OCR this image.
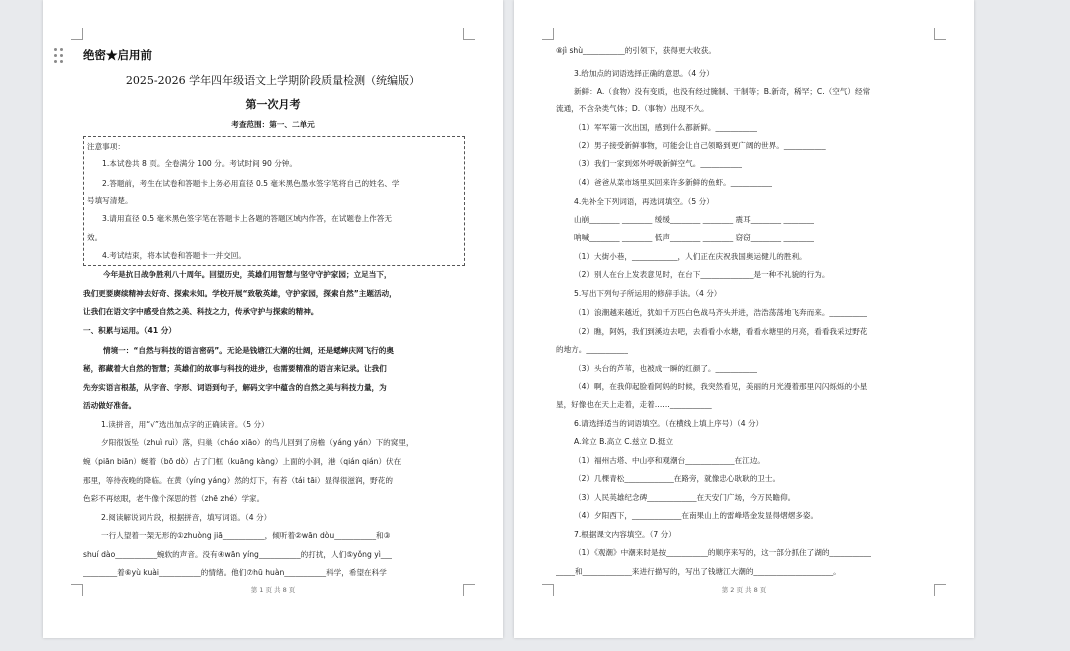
绝密★启用前
2025-2026 学年四年级语文上学期阶段质量检测（统编版）
第一次月考
考查范围：第一、二单元
注意事项：
1.本试卷共 8 页。全卷满分 100 分。考试时间 90 分钟。
2.答题前，考生在试卷和答题卡上务必用直径 0.5 毫米黑色墨水签字笔将自己的姓名、学
号填写清楚。
3.请用直径 0.5 毫米黑色签字笔在答题卡上各题的答题区域内作答，在试题卷上作答无
效。
4.考试结束，将本试卷和答题卡一并交回。
今年是抗日战争胜利八十周年。回望历史，英雄们用智慧与坚守守护家园；立足当下，
我们更要赓续精神去好奇、探索未知。学校开展“致敬英雄，守护家园，探索自然”主题活动，
让我们在语文字中感受自然之美、科技之力，传承守护与探索的精神。
一、积累与运用。（41 分）
情境一：“自然与科技的语言密码”。无论是钱塘江大潮的壮阔，还是蟋蟀庆网飞行的奥
秘，都藏着大自然的智慧；英雄们的故事与科技的进步，也需要精准的语言来记录。让我们
先夯实语言根基，从字音、字形、词语到句子，解码文字中蕴含的自然之美与科技力量，为
活动做好准备。
1.读拼音，用“√”选出加点字的正确读音。（5 分）
夕阳很饭坠（zhuì ruì）落，归巢（cháo xiāo）的鸟儿回到了房檐（yáng yán）下的窝里，
蜿（piān biān）蜒着（bō dò）占了门框（kuāng kàng）上面的小洞，港（qián qián）伏在
那里，等待夜晚的降临。在黄（yíng yáng）然的灯下，有苔（tái tāi）显得很滋润，野花的
色彩不再炫眼，老牛像个深思的哲（zhē zhé）学家。
2.阅读解说词片段，根据拼音，填写词语。（4 分）
一行人望着一架无形的①zhuòng jiā___________，倾听着②wān dòu___________和③
shuí dào___________蜿软的声音。没有④wān yíng___________的打扰，人们⑤yǒng yì___
_________着⑥yù kuài___________的情绪。他们⑦hū huàn___________科学，希望在科学
第 1 页 共 8 页
⑧jì shù___________的引领下，获得更大收获。
3.给加点的词语选择正确的意思。（4 分）
新鲜：A.（食物）没有变质，也没有经过腌制、干制等；B.新奇，稀罕；C.（空气）经常
流通，不含杂类气体；D.（事物）出现不久。
（1）军军第一次出国，感到什么都新鲜。___________
（2）男子接受新鲜事物，可能会让自己领略到更广阔的世界。___________
（3）我们一家到郊外呼吸新鲜空气。___________
（4）爸爸从菜市场里买回来许多新鲜的鱼虾。___________
4.先补全下列词语，再选词填空。（5 分）
山崩________ ________ 缓缓________ ________ 震耳________ ________
呐喊________ ________ 低声________ ________ 窃窃________ ________
（1）大街小巷，____________，人们正在庆祝我国奥运健儿的胜利。
（2）别人在台上发表意见时，在台下______________是一种不礼貌的行为。
5.写出下列句子所运用的修辞手法。（4 分）
（1）浪潮越来越近，犹如千万匹白色战马齐头并进，浩浩荡荡地飞奔而来。__________
（2）瞧，阿妈，我们到溪边去吧，去看看小水塘，看看水塘里的月亮，看看我采过野花
的地方。___________
（3）头台的芦苇，也被成一瞬的红颜了。___________
（4）啊，在我仰起脸看阿妈的时候，我突然看见，美丽的月光漫着那里闪闪烁烁的小星
星，好像也在天上走着，走着……___________
6.请选择适当的词语填空。（在横线上填上序号）（4 分）
A.耸立 B.高立 C.兹立 D.挺立
（1）福州古塔、中山亭和观潮台_____________在江边。
（2）几棵青松_____________在路旁，就像忠心耿耿的卫士。
（3）人民英雄纪念碑_____________在天安门广场，今万民瞻仰。
（4）夕阳西下，_____________在南果山上的雷峰塔金发显得熠熠多姿。
7.根据课文内容填空。（7 分）
（1）《观潮》中潮来时是按___________的顺序来写的，这一部分抓住了湖的___________
_____和_____________来进行描写的，写出了钱塘江大潮的_____________________。
第 2 页 共 8 页
